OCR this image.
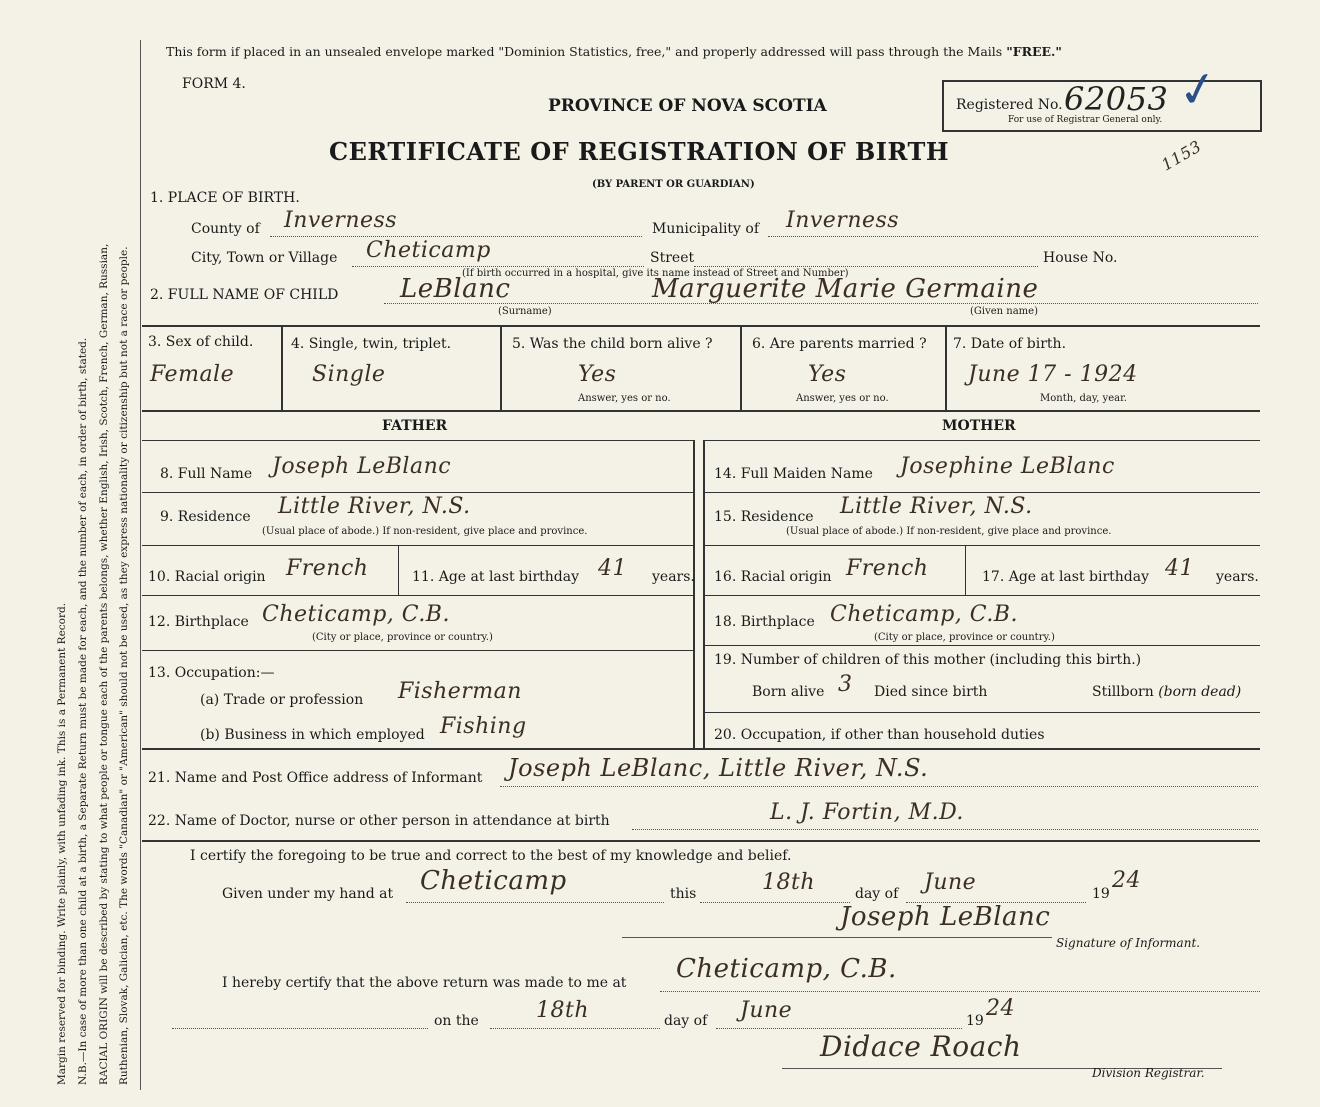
Margin reserved for binding. Write plainly, with unfading ink. This is a Permanent Record. N.B.—In case of more than one child at a birth, a Separate Return must be made for each, and the number of each, in order of birth, stated. RACIAL ORIGIN will be described by stating to what people or tongue each of the parents belongs, whether English, Irish, Scotch, French, German, Russian, Ruthenian, Slovak, Galician, etc. The words "Canadian" or "American" should not be used, as they express nationality or citizenship but not a race or people.
This form if placed in an unsealed envelope marked "Dominion Statistics, free," and properly addressed will pass through the Mails "FREE."
FORM 4.
PROVINCE OF NOVA SCOTIA
CERTIFICATE OF REGISTRATION OF BIRTH
(BY PARENT OR GUARDIAN)
Registered No. 62053 ✓
For use of Registrar General only.
1153
1. PLACE OF BIRTH.
County of Inverness	Municipality of Inverness
City, Town or Village Cheticamp	Street	House No.
(If birth occurred in a hospital, give its name instead of Street and Number)
2. FULL NAME OF CHILD LeBlanc	Marguerite Marie Germaine
(Surname)	(Given name)
3. Sex of child.
Female
4. Single, twin, triplet.
Single
5. Was the child born alive ?
Yes
Answer, yes or no.
6. Are parents married ?
Yes
Answer, yes or no.
7. Date of birth.
June 17 - 1924
Month, day, year.
FATHER	MOTHER
8. Full Name Joseph LeBlanc
9. Residence Little River, N.S.
(Usual place of abode.) If non-resident, give place and province.
10. Racial origin French	11. Age at last birthday 41 years.
12. Birthplace Cheticamp, C.B.
(City or place, province or country.)
13. Occupation:—
(a) Trade or profession Fisherman
(b) Business in which employed Fishing
14. Full Maiden Name Josephine LeBlanc
15. Residence Little River, N.S.
(Usual place of abode.) If non-resident, give place and province.
16. Racial origin French	17. Age at last birthday 41 years.
18. Birthplace Cheticamp, C.B.
(City or place, province or country.)
19. Number of children of this mother (including this birth.)
Born alive 3 Died since birth	Stillborn (born dead)
20. Occupation, if other than household duties
21. Name and Post Office address of Informant Joseph LeBlanc, Little River, N.S.
22. Name of Doctor, nurse or other person in attendance at birth	L. J. Fortin, M.D.
I certify the foregoing to be true and correct to the best of my knowledge and belief.
Given under my hand at Cheticamp	this	18th	day of June	19
24
Joseph LeBlanc
Signature of Informant.
I hereby certify that the above return was made to me at Cheticamp, C.B.
on the	18th	day of June	19 24
Didace Roach
Division Registrar.
